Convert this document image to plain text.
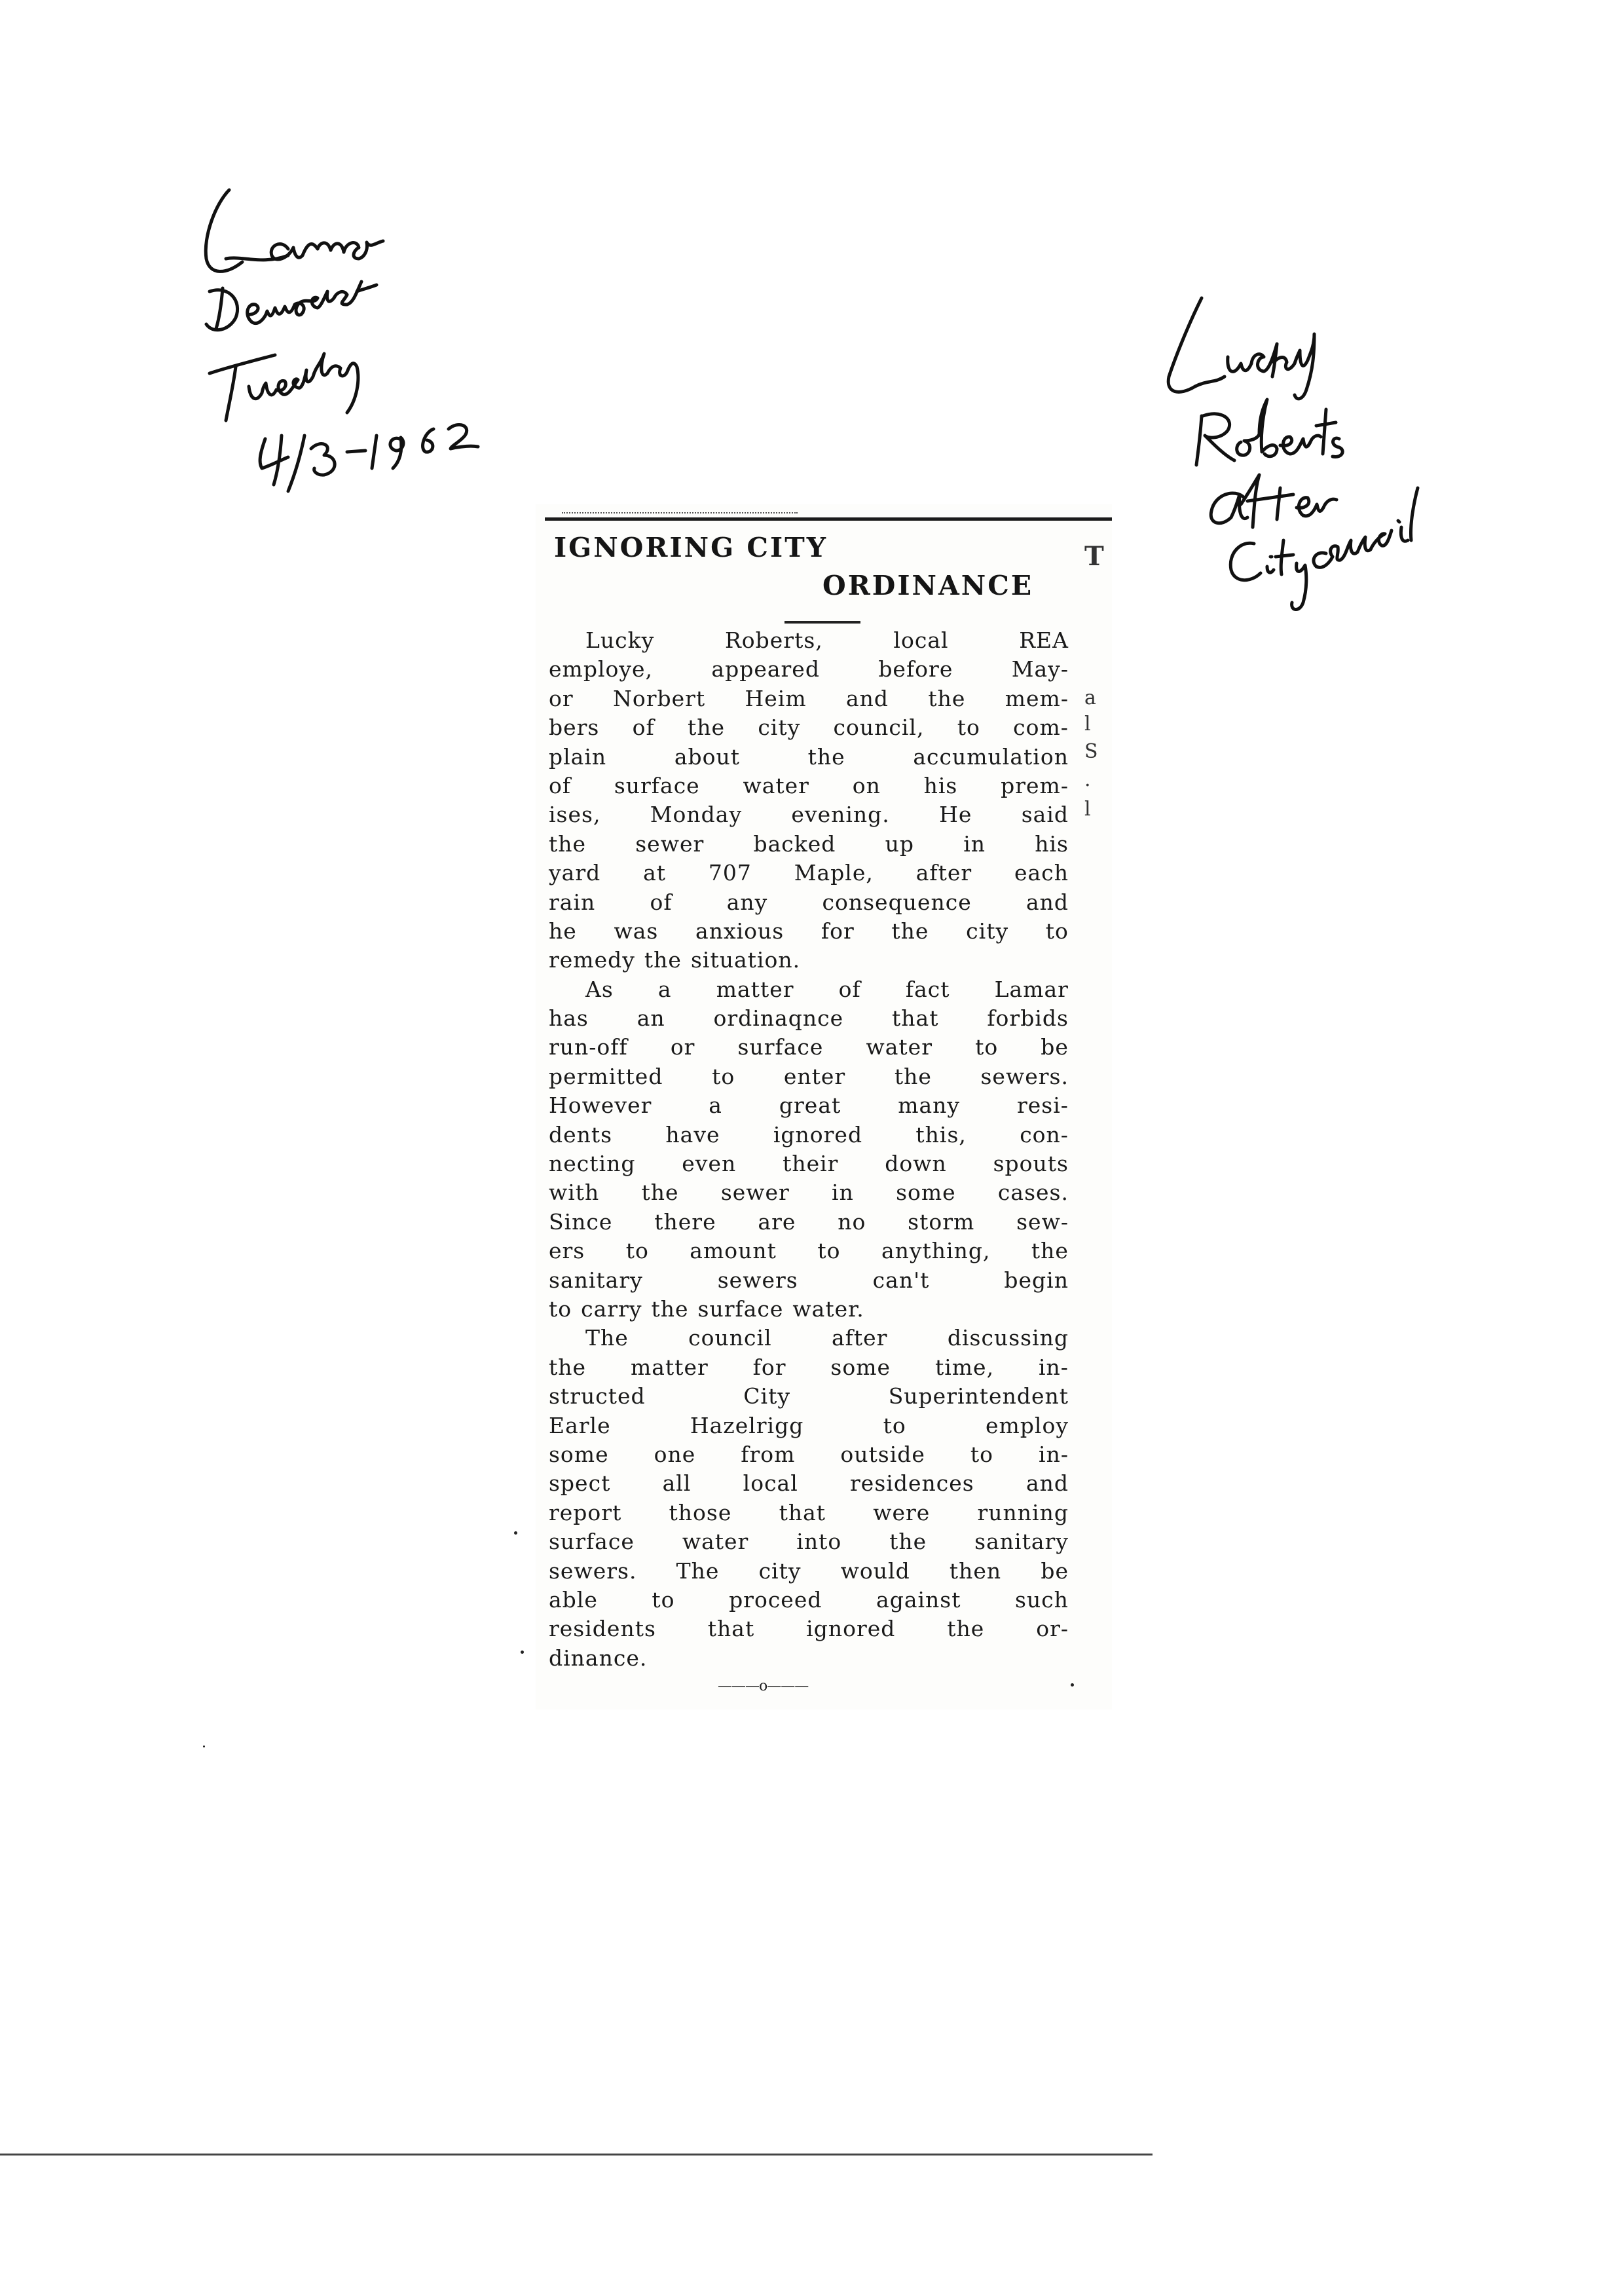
IGNORING CITY
ORDINANCE
Lucky	Roberts,	local	REA
employe,	appeared	before	May-
or Norbert Heim and the mem-
bers of the city council, to com-
plain	about	the	accumulation
of surface water on his prem-
ises, Monday evening. He said
the sewer backed up in his
yard at 707 Maple, after each
rain	of	any	consequence	and
he was anxious for the city to
remedy the situation.
As a matter of fact Lamar
has an ordinaqnce that forbids
run-off or surface water to be
permitted to enter the sewers.
However	a	great	many	resi-
dents have ignored this, con-
necting even their down spouts
with the sewer in some cases.
Since there are no storm sew-
ers to amount to anything, the
sanitary	sewers	can't	begin
to carry the surface water.
The	council	after	discussing
the matter for some time, in-
structed	City	Superintendent
Earle	Hazelrigg	to	employ
some one from outside to in-
spect all local residences and
report those that were running
surface water into the sanitary
sewers. The city would then be
able	to	proceed	against	such
residents that ignored the or-
dinance.
———o———
T
a
l
S
.
l
